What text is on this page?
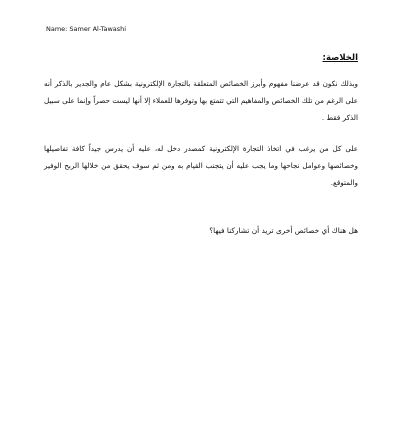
Name: Samer Al-Tawashi
الخلاصة:
وبذلك نكون قد عرضنا مفهوم وأبرز الخصائص المتعلقة بالتجارة الإلكترونية بشكل عام والجدير بالذكر أنه على الرغم من تلك الخصائص والمفاهيم التي تتمتع بها وتوفرها للعملاء إلا أنها ليست حصراً وإنما على سبيل الذكر فقط .
على كل من يرغب في اتخاذ التجارة الإلكترونية كمصدر دخل له، عليه أن يدرس جيداً كافة تفاصيلها وخصائصها وعوامل نجاحها وما يجب عليه أن يتجنب القيام به ومن ثم سوف يحقق من خلالها الربح الوفير والمتوقع.
هل هناك أي خصائص أخرى تريد أن تشاركنا فيها؟
